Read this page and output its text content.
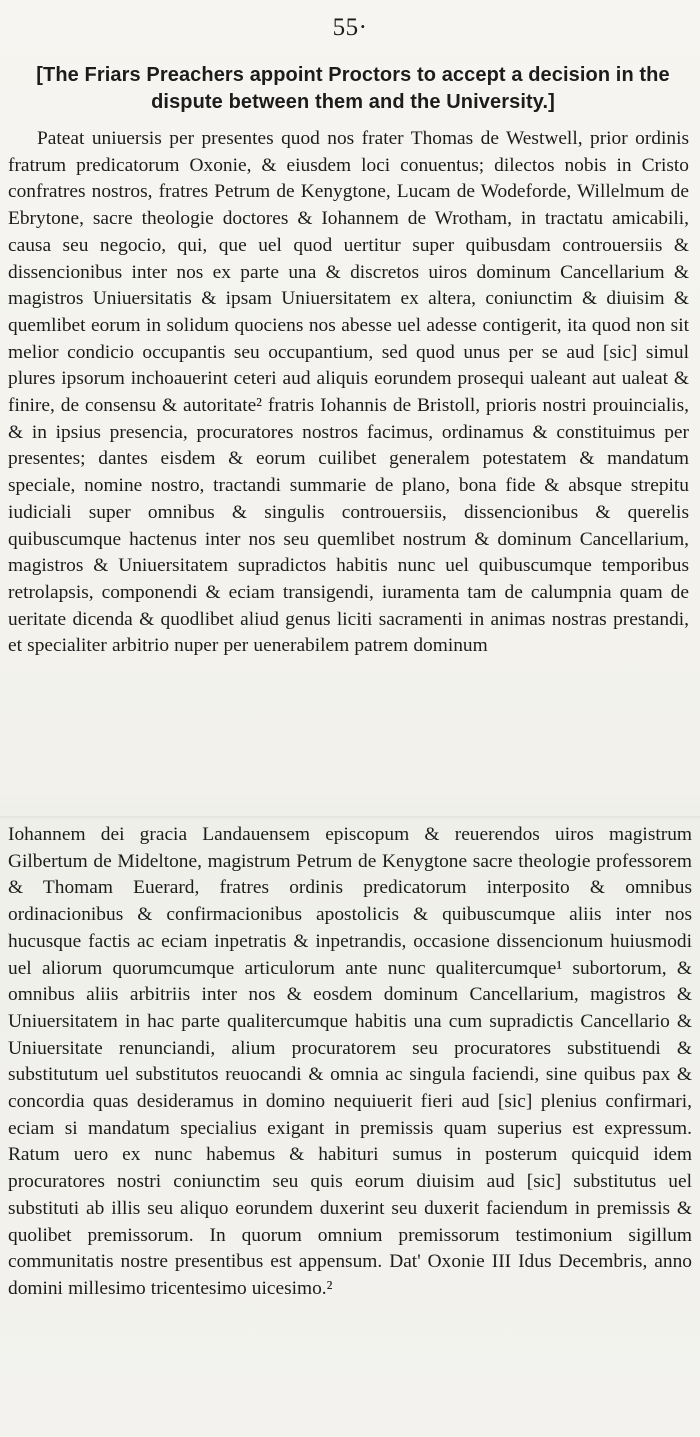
55·
[The Friars Preachers appoint Proctors to accept a decision in the dispute between them and the University.]

Pateat uniuersis per presentes quod nos frater Thomas de Westwell, prior ordinis fratrum predicatorum Oxonie, & eiusdem loci conuentus; dilectos nobis in Cristo confratres nostros, fratres Petrum de Kenygtone, Lucam de Wodeforde, Willelmum de Ebrytone, sacre theologie doctores & Iohannem de Wrotham, in tractatu amicabili, causa seu negocio, qui, que uel quod uertitur super quibusdam controuersiis & dissencionibus inter nos ex parte una & discretos uiros dominum Cancellarium & magistros Uniuersitatis & ipsam Uniuersitatem ex altera, coniunctim & diuisim & quemlibet eorum in solidum quociens nos abesse uel adesse contigerit, ita quod non sit melior condicio occupantis seu occupantium, sed quod unus per se aud [sic] simul plures ipsorum inchoauerint ceteri aud aliquis eorundem prosequi ualeant aut ualeat & finire, de consensu & autoritate² fratris Iohannis de Bristoll, prioris nostri prouincialis, & in ipsius presencia, procuratores nostros facimus, ordinamus & constituimus per presentes; dantes eisdem & eorum cuilibet generalem potestatem & mandatum speciale, nomine nostro, tractandi summarie de plano, bona fide & absque strepitu iudiciali super omnibus & singulis controuersiis, dissencionibus & querelis quibuscumque hactenus inter nos seu quemlibet nostrum & dominum Cancellarium, magistros & Uniuersitatem supradictos habitis nunc uel quibuscumque temporibus retrolapsis, componendi & eciam transigendi, iuramenta tam de calumpnia quam de ueritate dicenda & quodlibet aliud genus liciti sacramenti in animas nostras prestandi, et specialiter arbitrio nuper per uenerabilem patrem dominum

Iohannem dei gracia Landauensem episcopum & reuerendos uiros magistrum Gilbertum de Mideltone, magistrum Petrum de Kenygtone sacre theologie professorem & Thomam Euerard, fratres ordinis predicatorum interposito & omnibus ordinacionibus & confirmacionibus apostolicis & quibuscumque aliis inter nos hucusque factis ac eciam inpetratis & inpetrandis, occasione dissencionum huiusmodi uel aliorum quorumcumque articulorum ante nunc qualitercumque¹ subortorum, & omnibus aliis arbitriis inter nos & eosdem dominum Cancellarium, magistros & Uniuersitatem in hac parte qualitercumque habitis una cum supradictis Cancellario & Uniuersitate renunciandi, alium procuratorem seu procuratores substituendi & substitutum uel substitutos reuocandi & omnia ac singula faciendi, sine quibus pax & concordia quas desideramus in domino nequiuerit fieri aud [sic] plenius confirmari, eciam si mandatum specialius exigant in premissis quam superius est expressum. Ratum uero ex nunc habemus & habituri sumus in posterum quicquid idem procuratores nostri coniunctim seu quis eorum diuisim aud [sic] substitutus uel substituti ab illis seu aliquo eorundem duxerint seu duxerit faciendum in premissis & quolibet premissorum. In quorum omnium premissorum testimonium sigillum communitatis nostre presentibus est appensum. Dat' Oxonie III Idus Decembris, anno domini millesimo tricentesimo uicesimo.²
